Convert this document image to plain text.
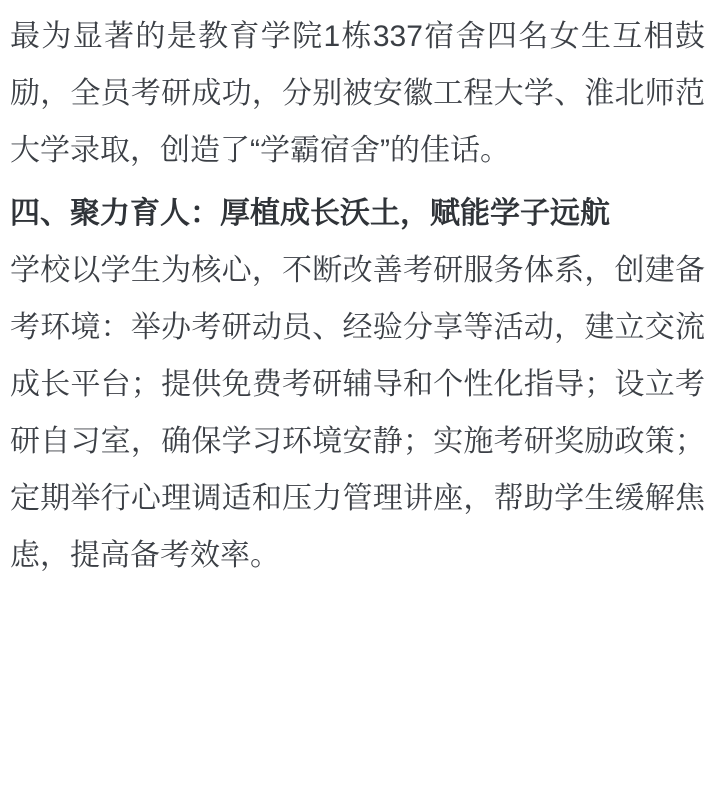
最为显著的是教育学院1栋337宿舍四名女生互相鼓励，全员考研成功，分别被安徽工程大学、淮北师范大学录取，创造了“学霸宿舍”的佳话。

四、聚力育人：厚植成长沃土，赋能学子远航

学校以学生为核心，不断改善考研服务体系，创建备考环境：举办考研动员、经验分享等活动，建立交流成长平台；提供免费考研辅导和个性化指导；设立考研自习室，确保学习环境安静；实施考研奖励政策；定期举行心理调适和压力管理讲座，帮助学生缓解焦虑，提高备考效率。
